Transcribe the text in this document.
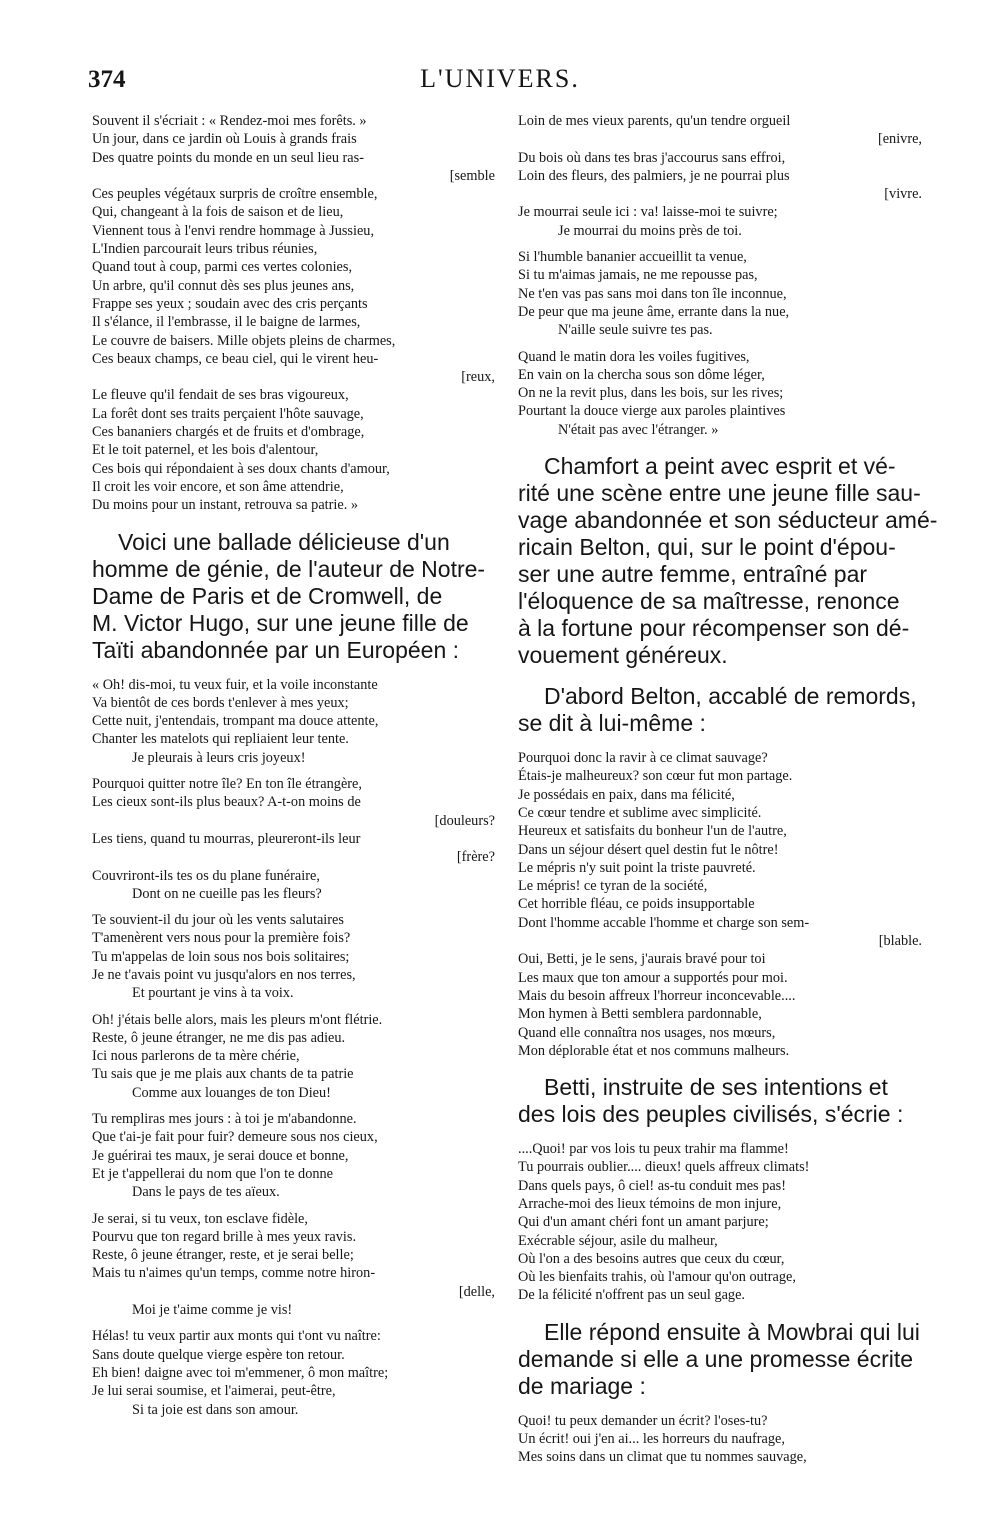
374	L'UNIVERS.
Souvent il s'écriait : « Rendez-moi mes forêts. »
Un jour, dans ce jardin où Louis à grands frais
Des quatre points du monde en un seul lieu ras-
[semble
Ces peuples végétaux surpris de croître ensemble,
Qui, changeant à la fois de saison et de lieu,
Viennent tous à l'envi rendre hommage à Jussieu,
L'Indien parcourait leurs tribus réunies,
Quand tout à coup, parmi ces vertes colonies,
Un arbre, qu'il connut dès ses plus jeunes ans,
Frappe ses yeux ; soudain avec des cris perçants
Il s'élance, il l'embrasse, il le baigne de larmes,
Le couvre de baisers. Mille objets pleins de charmes,
Ces beaux champs, ce beau ciel, qui le virent heu-
[reux,
Le fleuve qu'il fendait de ses bras vigoureux,
La forêt dont ses traits perçaient l'hôte sauvage,
Ces bananiers chargés et de fruits et d'ombrage,
Et le toit paternel, et les bois d'alentour,
Ces bois qui répondaient à ses doux chants d'amour,
Il croit les voir encore, et son âme attendrie,
Du moins pour un instant, retrouva sa patrie. »
Voici une ballade délicieuse d'un
homme de génie, de l'auteur de Notre-
Dame de Paris et de Cromwell, de
M. Victor Hugo, sur une jeune fille de
Taïti abandonnée par un Européen :
« Oh! dis-moi, tu veux fuir, et la voile inconstante
Va bientôt de ces bords t'enlever à mes yeux;
Cette nuit, j'entendais, trompant ma douce attente,
Chanter les matelots qui repliaient leur tente.
Je pleurais à leurs cris joyeux!
Pourquoi quitter notre île? En ton île étrangère,
Les cieux sont-ils plus beaux? A-t-on moins de
[douleurs?
Les tiens, quand tu mourras, pleureront-ils leur
[frère?
Couvriront-ils tes os du plane funéraire,
Dont on ne cueille pas les fleurs?
Te souvient-il du jour où les vents salutaires
T'amenèrent vers nous pour la première fois?
Tu m'appelas de loin sous nos bois solitaires;
Je ne t'avais point vu jusqu'alors en nos terres,
Et pourtant je vins à ta voix.
Oh! j'étais belle alors, mais les pleurs m'ont flétrie.
Reste, ô jeune étranger, ne me dis pas adieu.
Ici nous parlerons de ta mère chérie,
Tu sais que je me plais aux chants de ta patrie
Comme aux louanges de ton Dieu!
Tu rempliras mes jours : à toi je m'abandonne.
Que t'ai-je fait pour fuir? demeure sous nos cieux,
Je guérirai tes maux, je serai douce et bonne,
Et je t'appellerai du nom que l'on te donne
Dans le pays de tes aïeux.
Je serai, si tu veux, ton esclave fidèle,
Pourvu que ton regard brille à mes yeux ravis.
Reste, ô jeune étranger, reste, et je serai belle;
Mais tu n'aimes qu'un temps, comme notre hiron-
[delle,
Moi je t'aime comme je vis!
Hélas! tu veux partir aux monts qui t'ont vu naître:
Sans doute quelque vierge espère ton retour.
Eh bien! daigne avec toi m'emmener, ô mon maître;
Je lui serai soumise, et l'aimerai, peut-être,
Si ta joie est dans son amour.
Loin de mes vieux parents, qu'un tendre orgueil
[enivre,
Du bois où dans tes bras j'accourus sans effroi,
Loin des fleurs, des palmiers, je ne pourrai plus
[vivre.
Je mourrai seule ici : va! laisse-moi te suivre;
Je mourrai du moins près de toi.
Si l'humble bananier accueillit ta venue,
Si tu m'aimas jamais, ne me repousse pas,
Ne t'en vas pas sans moi dans ton île inconnue,
De peur que ma jeune âme, errante dans la nue,
N'aille seule suivre tes pas.
Quand le matin dora les voiles fugitives,
En vain on la chercha sous son dôme léger,
On ne la revit plus, dans les bois, sur les rives;
Pourtant la douce vierge aux paroles plaintives
N'était pas avec l'étranger. »
Chamfort a peint avec esprit et vé-
rité une scène entre une jeune fille sau-
vage abandonnée et son séducteur amé-
ricain Belton, qui, sur le point d'épou-
ser une autre femme, entraîné par
l'éloquence de sa maîtresse, renonce
à la fortune pour récompenser son dé-
vouement généreux.
D'abord Belton, accablé de remords,
se dit à lui-même :
Pourquoi donc la ravir à ce climat sauvage?
Étais-je malheureux? son cœur fut mon partage.
Je possédais en paix, dans ma félicité,
Ce cœur tendre et sublime avec simplicité.
Heureux et satisfaits du bonheur l'un de l'autre,
Dans un séjour désert quel destin fut le nôtre!
Le mépris n'y suit point la triste pauvreté.
Le mépris! ce tyran de la société,
Cet horrible fléau, ce poids insupportable
Dont l'homme accable l'homme et charge son sem-
[blable.
Oui, Betti, je le sens, j'aurais bravé pour toi
Les maux que ton amour a supportés pour moi.
Mais du besoin affreux l'horreur inconcevable....
Mon hymen à Betti semblera pardonnable,
Quand elle connaîtra nos usages, nos mœurs,
Mon déplorable état et nos communs malheurs.
Betti, instruite de ses intentions et
des lois des peuples civilisés, s'écrie :
....Quoi! par vos lois tu peux trahir ma flamme!
Tu pourrais oublier.... dieux! quels affreux climats!
Dans quels pays, ô ciel! as-tu conduit mes pas!
Arrache-moi des lieux témoins de mon injure,
Qui d'un amant chéri font un amant parjure;
Exécrable séjour, asile du malheur,
Où l'on a des besoins autres que ceux du cœur,
Où les bienfaits trahis, où l'amour qu'on outrage,
De la félicité n'offrent pas un seul gage.
Elle répond ensuite à Mowbrai qui lui
demande si elle a une promesse écrite
de mariage :
Quoi! tu peux demander un écrit? l'oses-tu?
Un écrit! oui j'en ai... les horreurs du naufrage,
Mes soins dans un climat que tu nommes sauvage,
